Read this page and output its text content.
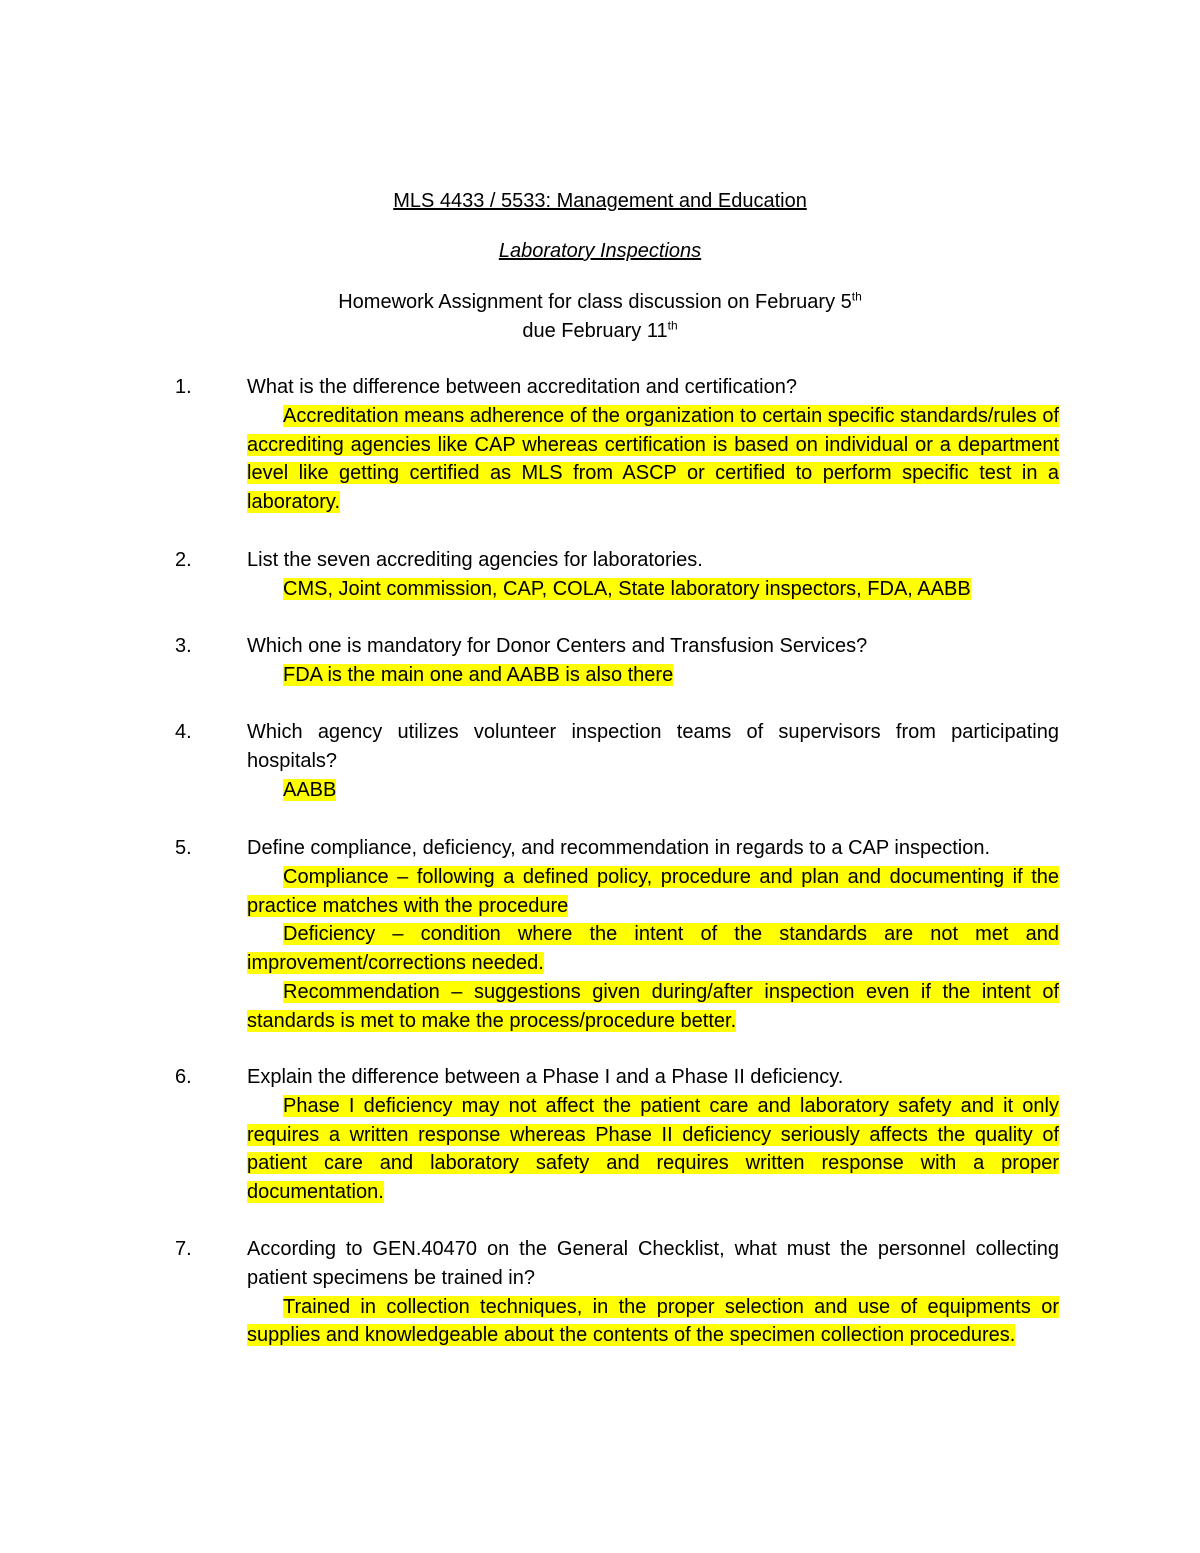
MLS 4433 / 5533: Management and Education
Laboratory Inspections
Homework Assignment for class discussion on February 5th
due February 11th
1.	What is the difference between accreditation and certification?
Accreditation means adherence of the organization to certain specific standards/rules of accrediting agencies like CAP whereas certification is based on individual or a department level like getting certified as MLS from ASCP or certified to perform specific test in a laboratory.
2.	List the seven accrediting agencies for laboratories.
CMS, Joint commission, CAP, COLA, State laboratory inspectors, FDA, AABB
3.	Which one is mandatory for Donor Centers and Transfusion Services?
FDA is the main one and AABB is also there
4.	Which agency utilizes volunteer inspection teams of supervisors from participating hospitals?
AABB
5.	Define compliance, deficiency, and recommendation in regards to a CAP inspection.
Compliance – following a defined policy, procedure and plan and documenting if the practice matches with the procedure
Deficiency – condition where the intent of the standards are not met and improvement/corrections needed.
Recommendation – suggestions given during/after inspection even if the intent of standards is met to make the process/procedure better.
6.	Explain the difference between a Phase I and a Phase II deficiency.
Phase I deficiency may not affect the patient care and laboratory safety and it only requires a written response whereas Phase II deficiency seriously affects the quality of patient care and laboratory safety and requires written response with a proper documentation.
7.	According to GEN.40470 on the General Checklist, what must the personnel collecting patient specimens be trained in?
Trained in collection techniques, in the proper selection and use of equipments or supplies and knowledgeable about the contents of the specimen collection procedures.
